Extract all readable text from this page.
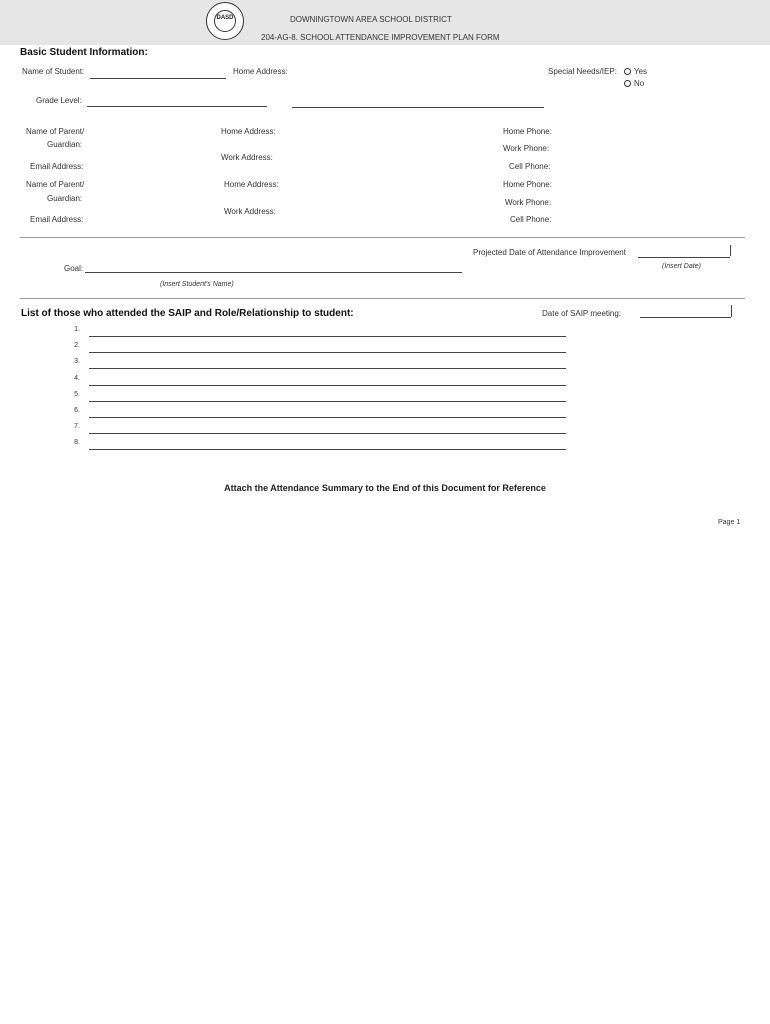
DASD	DOWNINGTOWN AREA SCHOOL DISTRICT
204-AG-8. SCHOOL ATTENDANCE IMPROVEMENT PLAN FORM
Basic Student Information:
Name of Student:	Home Address:	Special Needs/IEP: Yes
No
Grade Level:
Name of Parent/
Guardian:
Home Address:
Work Address:
Home Phone:
Work Phone:
Cell Phone:
Email Address:
Name of Parent/
Guardian:
Home Address:
Work Address:
Home Phone:
Work Phone:
Cell Phone:
Email Address:
Projected Date of Attendance Improvement
(Insert Date)
Goal:
(Insert Student's Name)
List of those who attended the SAIP and Role/Relationship to student:	Date of SAIP meeting:
1.
2.
3.
4.
5.
6.
7.
8.
Attach the Attendance Summary to the End of this Document for Reference
Page 1
